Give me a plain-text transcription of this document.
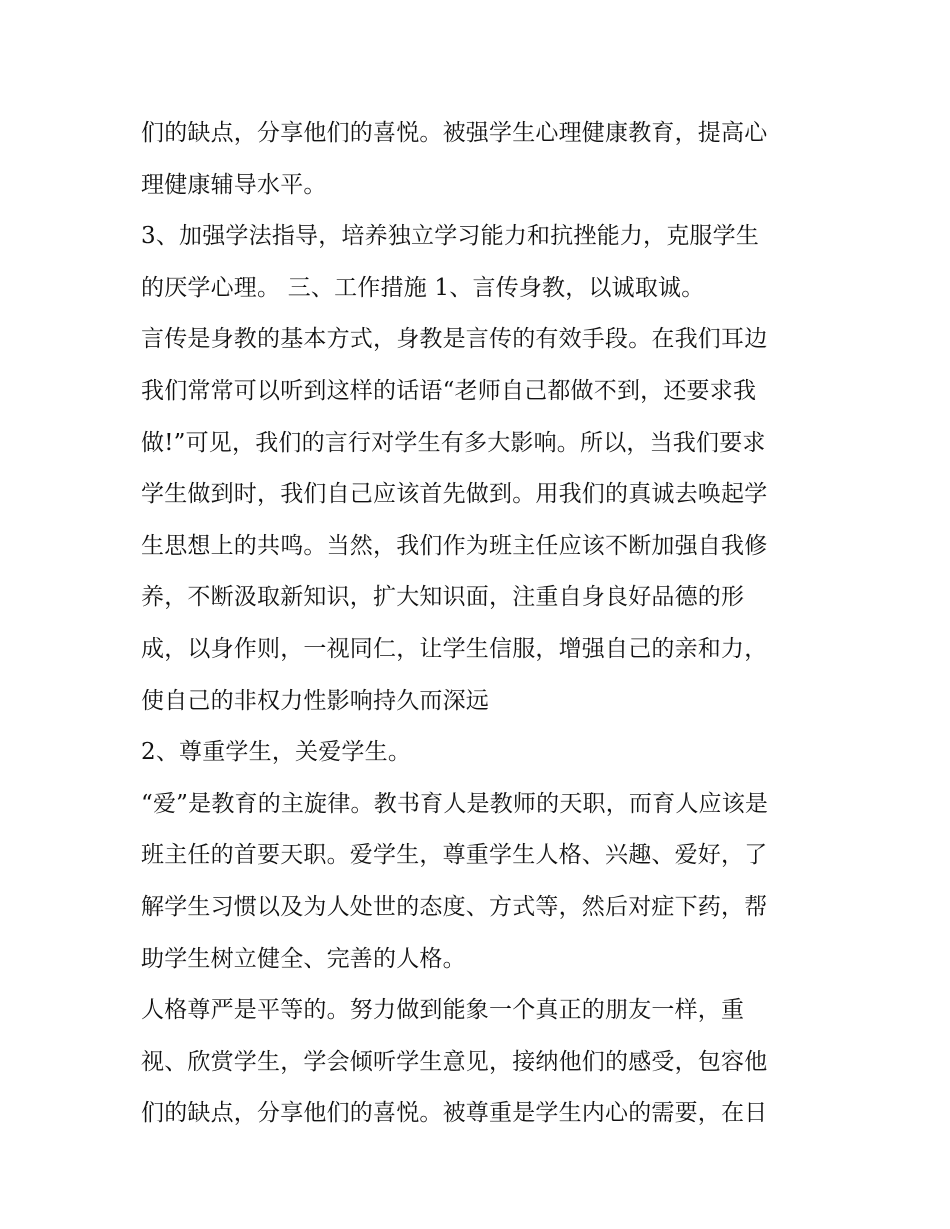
们的缺点，分享他们的喜悦。被强学生心理健康教育，提高心
理健康辅导水平。
3、加强学法指导，培养独立学习能力和抗挫能力，克服学生
的厌学心理。 三、工作措施 1、言传身教，以诚取诚。
言传是身教的基本方式，身教是言传的有效手段。在我们耳边
我们常常可以听到这样的话语“老师自己都做不到，还要求我
做!”可见，我们的言行对学生有多大影响。所以，当我们要求
学生做到时，我们自己应该首先做到。用我们的真诚去唤起学
生思想上的共鸣。当然，我们作为班主任应该不断加强自我修
养，不断汲取新知识，扩大知识面，注重自身良好品德的形
成，以身作则，一视同仁，让学生信服，增强自己的亲和力，
使自己的非权力性影响持久而深远
2、尊重学生，关爱学生。
“爱”是教育的主旋律。教书育人是教师的天职，而育人应该是
班主任的首要天职。爱学生，尊重学生人格、兴趣、爱好，了
解学生习惯以及为人处世的态度、方式等，然后对症下药，帮
助学生树立健全、完善的人格。
人格尊严是平等的。努力做到能象一个真正的朋友一样，重
视、欣赏学生，学会倾听学生意见，接纳他们的感受，包容他
们的缺点，分享他们的喜悦。被尊重是学生内心的需要，在日
